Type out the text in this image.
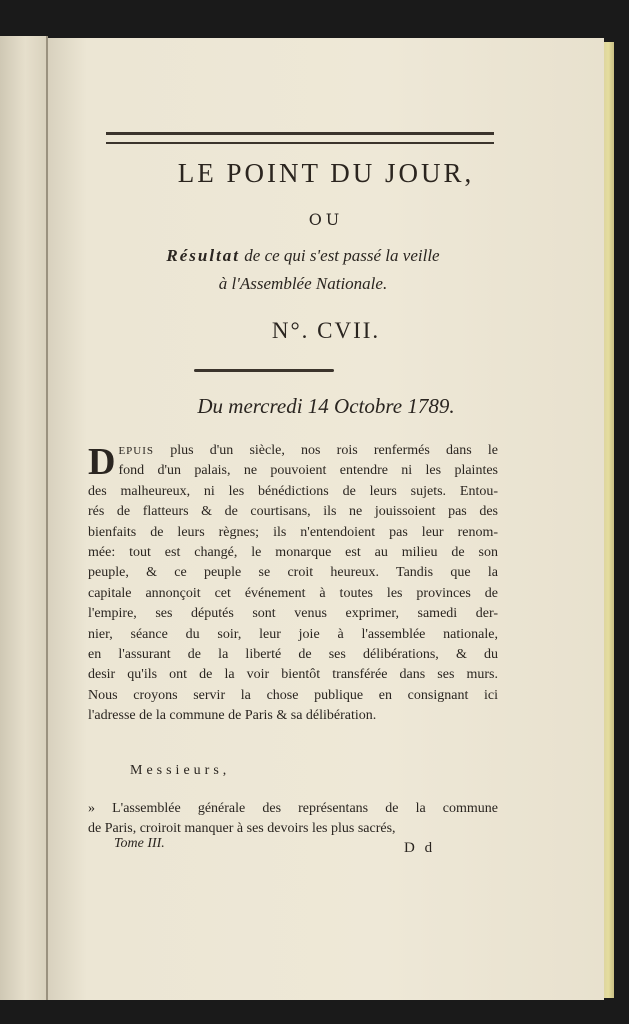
LE POINT DU JOUR,
OU
Résultat de ce qui s'est passé la veille
à l'Assemblée Nationale.
N°. CVII.
Du mercredi 14 Octobre 1789.
D EPUIS plus d'un siècle, nos rois renfermés dans le
fond d'un palais, ne pouvoient entendre ni les plaintes
des malheureux, ni les bénédictions de leurs sujets. Entou-
rés de flatteurs & de courtisans, ils ne jouissoient pas des
bienfaits de leurs règnes; ils n'entendoient pas leur renom-
mée: tout est changé, le monarque est au milieu de son
peuple, & ce peuple se croit heureux. Tandis que la
capitale annonçoit cet événement à toutes les provinces de
l'empire, ses députés sont venus exprimer, samedi der-
nier, séance du soir, leur joie à l'assemblée nationale,
en l'assurant de la liberté de ses délibérations, & du
desir qu'ils ont de la voir bientôt transférée dans ses murs.
Nous croyons servir la chose publique en consignant ici
l'adresse de la commune de Paris & sa délibération.
Messieurs,
» L'assemblée générale des représentans de la commune
de Paris, croiroit manquer à ses devoirs les plus sacrés,
Tome III.	D d
